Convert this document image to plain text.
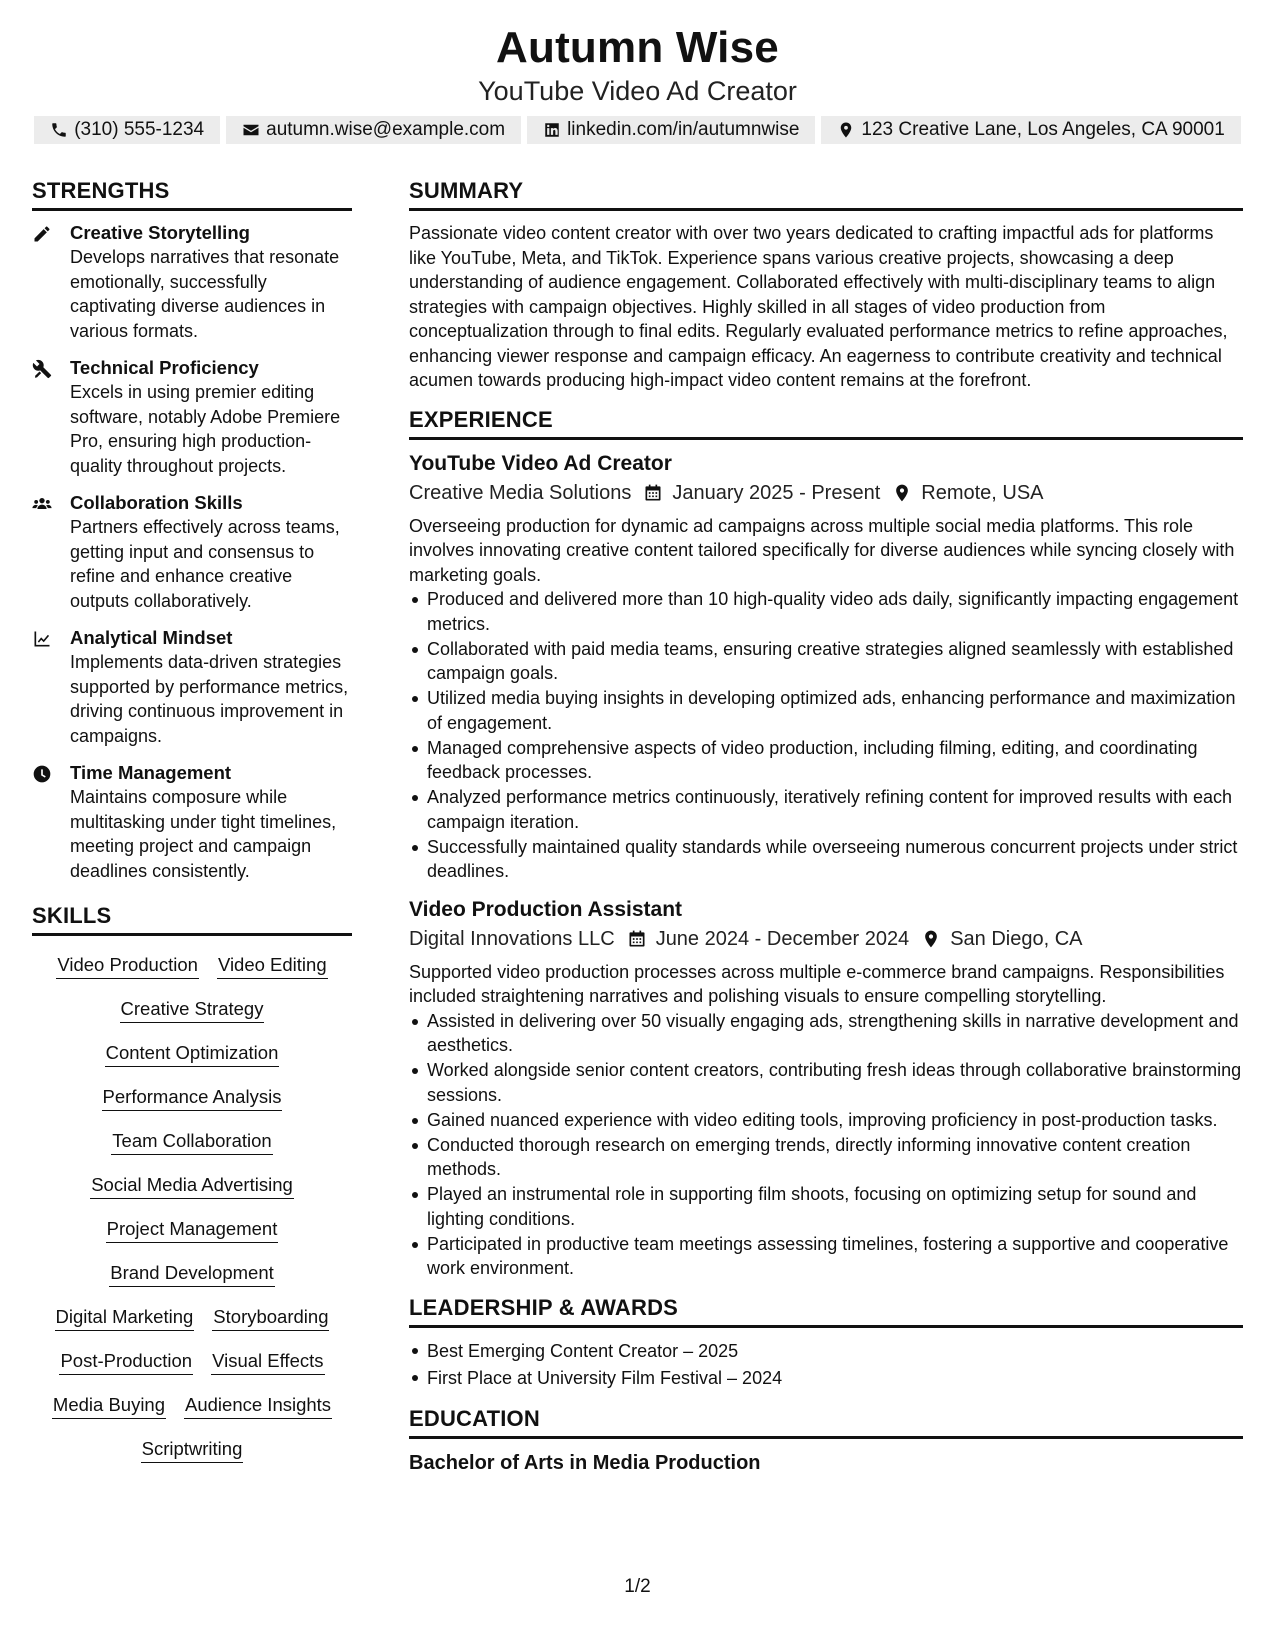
Autumn Wise
YouTube Video Ad Creator
(310) 555-1234	autumn.wise@example.com	linkedin.com/in/autumnwise	123 Creative Lane, Los Angeles, CA 90001
STRENGTHS
Creative Storytelling
Develops narratives that resonate emotionally, successfully captivating diverse audiences in various formats.
Technical Proficiency
Excels in using premier editing software, notably Adobe Premiere Pro, ensuring high production-quality throughout projects.
Collaboration Skills
Partners effectively across teams, getting input and consensus to refine and enhance creative outputs collaboratively.
Analytical Mindset
Implements data-driven strategies supported by performance metrics, driving continuous improvement in campaigns.
Time Management
Maintains composure while multitasking under tight timelines, meeting project and campaign deadlines consistently.
SKILLS
Video Production Video Editing
Creative Strategy
Content Optimization
Performance Analysis
Team Collaboration
Social Media Advertising
Project Management
Brand Development
Digital Marketing Storyboarding
Post-Production Visual Effects
Media Buying Audience Insights
Scriptwriting
SUMMARY
Passionate video content creator with over two years dedicated to crafting impactful ads for platforms like YouTube, Meta, and TikTok. Experience spans various creative projects, showcasing a deep understanding of audience engagement. Collaborated effectively with multi-disciplinary teams to align strategies with campaign objectives. Highly skilled in all stages of video production from conceptualization through to final edits. Regularly evaluated performance metrics to refine approaches, enhancing viewer response and campaign efficacy. An eagerness to contribute creativity and technical acumen towards producing high-impact video content remains at the forefront.
EXPERIENCE
YouTube Video Ad Creator
Creative Media Solutions January 2025 - Present Remote, USA
Overseeing production for dynamic ad campaigns across multiple social media platforms. This role involves innovating creative content tailored specifically for diverse audiences while syncing closely with marketing goals.
Produced and delivered more than 10 high-quality video ads daily, significantly impacting engagement metrics.
Collaborated with paid media teams, ensuring creative strategies aligned seamlessly with established campaign goals.
Utilized media buying insights in developing optimized ads, enhancing performance and maximization of engagement.
Managed comprehensive aspects of video production, including filming, editing, and coordinating feedback processes.
Analyzed performance metrics continuously, iteratively refining content for improved results with each campaign iteration.
Successfully maintained quality standards while overseeing numerous concurrent projects under strict deadlines.
Video Production Assistant
Digital Innovations LLC June 2024 - December 2024 San Diego, CA
Supported video production processes across multiple e-commerce brand campaigns. Responsibilities included straightening narratives and polishing visuals to ensure compelling storytelling.
Assisted in delivering over 50 visually engaging ads, strengthening skills in narrative development and aesthetics.
Worked alongside senior content creators, contributing fresh ideas through collaborative brainstorming sessions.
Gained nuanced experience with video editing tools, improving proficiency in post-production tasks.
Conducted thorough research on emerging trends, directly informing innovative content creation methods.
Played an instrumental role in supporting film shoots, focusing on optimizing setup for sound and lighting conditions.
Participated in productive team meetings assessing timelines, fostering a supportive and cooperative work environment.
LEADERSHIP & AWARDS
Best Emerging Content Creator – 2025
First Place at University Film Festival – 2024
EDUCATION
Bachelor of Arts in Media Production
1/2
